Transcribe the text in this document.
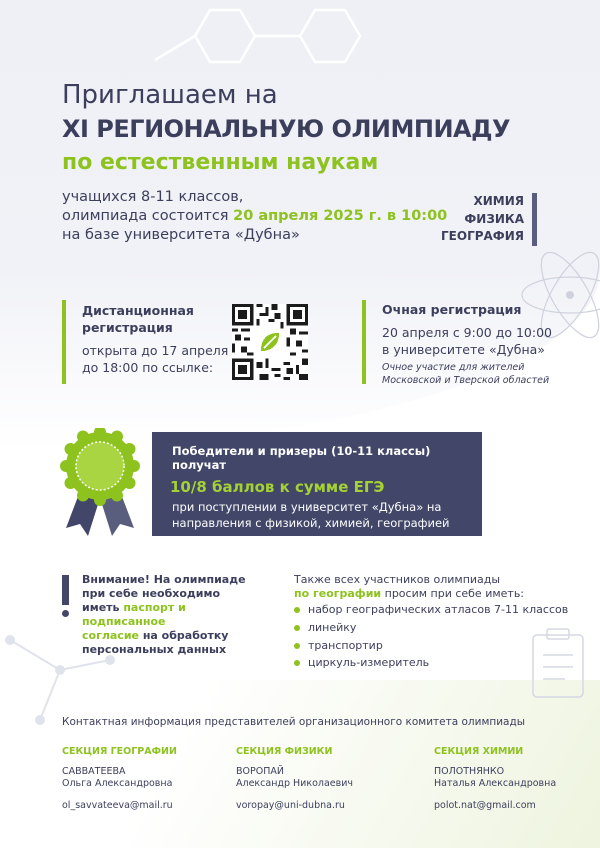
Приглашаем на
XI РЕГИОНАЛЬНУЮ ОЛИМПИАДУ
по естественным наукам
учащихся 8-11 классов,
олимпиада состоится 20 апреля 2025 г. в 10:00
на базе университета «Дубна»
ХИМИЯ
ФИЗИКА
ГЕОГРАФИЯ
Дистанционная
регистрация
открыта до 17 апреля
до 18:00 по ссылке:
Очная регистрация
20 апреля с 9:00 до 10:00
в университете «Дубна»
Очное участие для жителей
Московской и Тверской областей
Победители и призеры (10-11 классы) получат
10/8 баллов к сумме ЕГЭ
при поступлении в университет «Дубна» на
направления с физикой, химией, географией
Внимание! На олимпиаде
при себе необходимо
иметь паспорт и подписанное
согласие на обработку
персональных данных
Также всех участников олимпиады
по географии просим при себе иметь:
набор географических атласов 7-11 классов
линейку
транспортир
циркуль-измеритель
Контактная информация представителей организационного комитета олимпиады
СЕКЦИЯ ГЕОГРАФИИ
САВВАТЕЕВА
Ольга Александровна
ol_savvateeva@mail.ru
СЕКЦИЯ ФИЗИКИ
ВОРОПАЙ
Александр Николаевич
voropay@uni-dubna.ru
СЕКЦИЯ ХИМИИ
ПОЛОТНЯНКО
Наталья Александровна
polot.nat@gmail.com
